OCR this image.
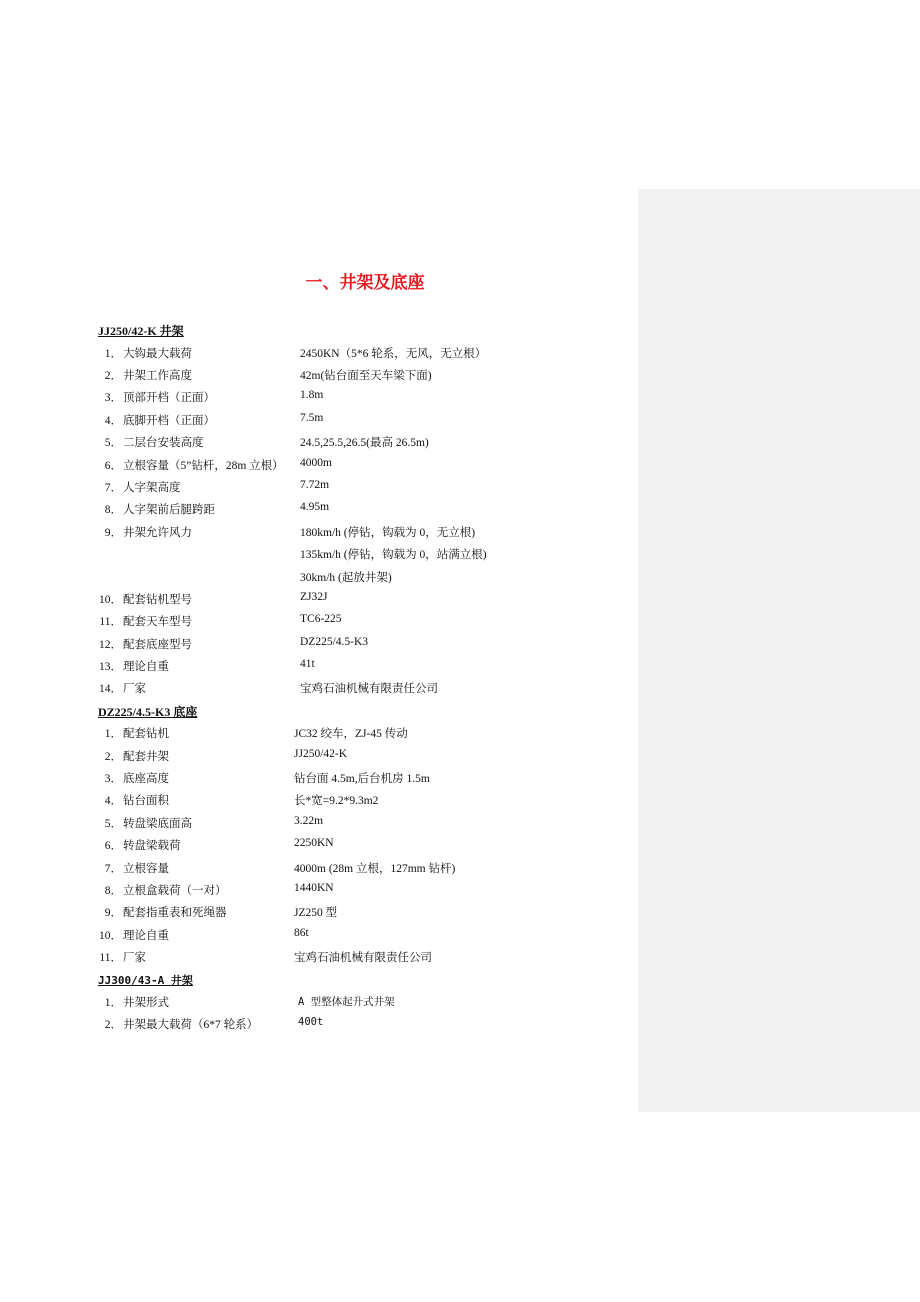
一、井架及底座
JJ250/42-K 井架
1． 大钩最大载荷	2450KN（5*6 轮系，无风，无立根）
2． 井架工作高度	42m(钻台面至天车梁下面)
3． 顶部开档（正面）	1.8m
4． 底脚开档（正面）	7.5m
5． 二层台安装高度	24.5,25.5,26.5(最高 26.5m)
6． 立根容量（5”钻杆，28m 立根） 4000m
7． 人字架高度	7.72m
8． 人字架前后腿跨距	4.95m
9． 井架允许风力	180km/h (停钻，钩载为 0，无立根)
135km/h (停钻，钩载为 0，站满立根)
30km/h (起放井架)
10． 配套钻机型号	ZJ32J
11． 配套天车型号	TC6-225
12． 配套底座型号	DZ225/4.5-K3
13． 理论自重	41t
14． 厂家	宝鸡石油机械有限责任公司
DZ225/4.5-K3 底座
1． 配套钻机	JC32 绞车，ZJ-45 传动
2． 配套井架	JJ250/42-K
3． 底座高度	钻台面 4.5m,后台机房 1.5m
4． 钻台面积	长*宽=9.2*9.3m2
5． 转盘梁底面高	3.22m
6． 转盘梁载荷	2250KN
7． 立根容量	4000m (28m 立根，127mm 钻杆)
8． 立根盒载荷（一对）	1440KN
9． 配套指重表和死绳器	JZ250 型
10． 理论自重	86t
11． 厂家	宝鸡石油机械有限责任公司
JJ300/43-A 井架
1． 井架形式	A 型整体起升式井架
2． 井架最大载荷（6*7 轮系）	400t
